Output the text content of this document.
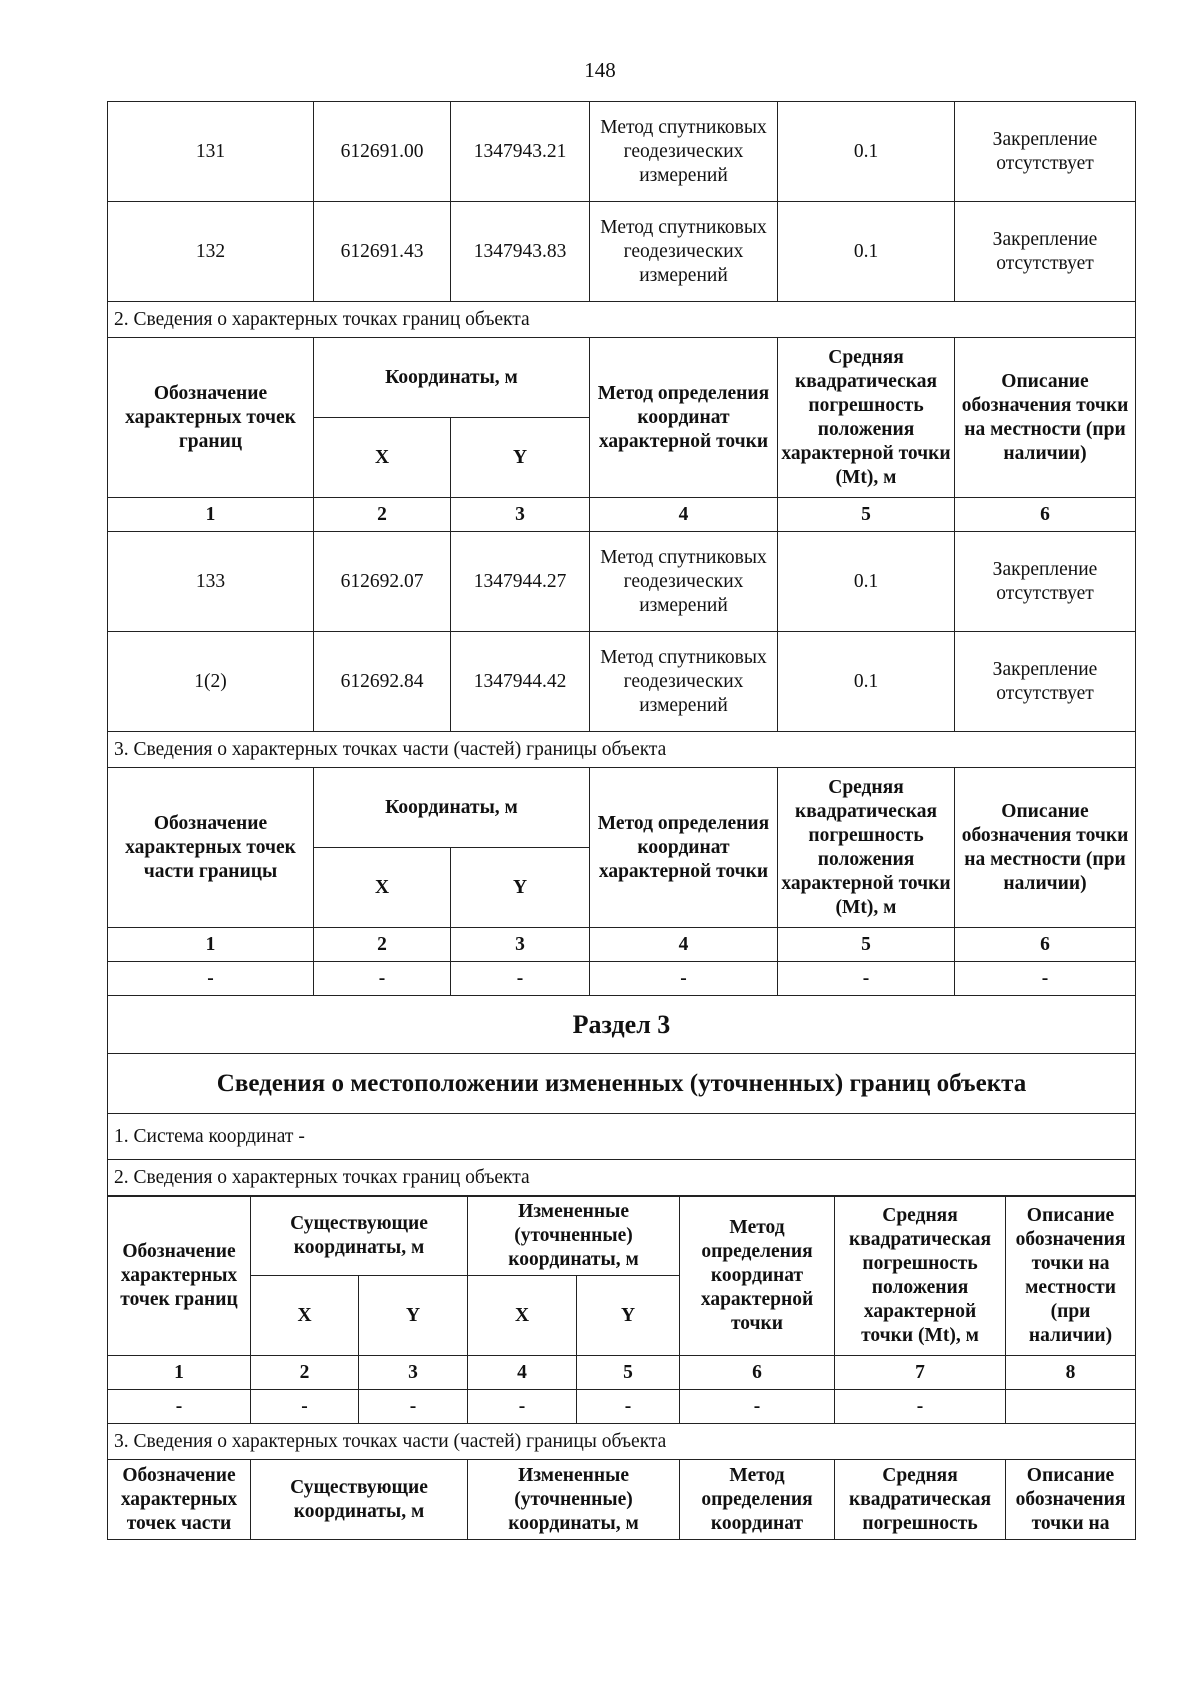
148
131	612691.00	1347943.21	Метод спутниковых геодезических измерений	0.1	Закрепление отсутствует
132	612691.43	1347943.83	Метод спутниковых геодезических измерений	0.1	Закрепление отсутствует
2. Сведения о характерных точках границ объекта					
Обозначение характерных точек границ	Координаты, м		Метод определения координат характерной точки	Средняя квадратическая погрешность положения характерной точки (Mt), м	Описание обозначения точки на местности (при наличии)
	X	Y			
1	2	3	4	5	6
133	612692.07	1347944.27	Метод спутниковых геодезических измерений	0.1	Закрепление отсутствует
1(2)	612692.84	1347944.42	Метод спутниковых геодезических измерений	0.1	Закрепление отсутствует
3. Сведения о характерных точках части (частей) границы объекта					
Обозначение характерных точек части границы	Координаты, м		Метод определения координат характерной точки	Средняя квадратическая погрешность положения характерной точки (Mt), м	Описание обозначения точки на местности (при наличии)
	X	Y			
1	2	3	4	5	6
-	-	-	-	-	-
Раздел 3					
Сведения о местоположении измененных (уточненных) границ объекта					
1. Система координат -					
2. Сведения о характерных точках границ объекта					
Обозначение характерных точек границ	Существующие координаты, м		Измененные (уточненные) координаты, м		Метод определения координат характерной точки	Средняя квадратическая погрешность положения характерной точки (Mt), м	Описание обозначения точки на местности (при наличии)
	X	Y	X	Y			
1	2	3	4	5	6	7	8
-	-	-	-	-	-	-	
3. Сведения о характерных точках части (частей) границы объекта							
Обозначение характерных точек части	Существующие координаты, м		Измененные (уточненные) координаты, м		Метод определения координат	Средняя квадратическая погрешность	Описание обозначения точки на
